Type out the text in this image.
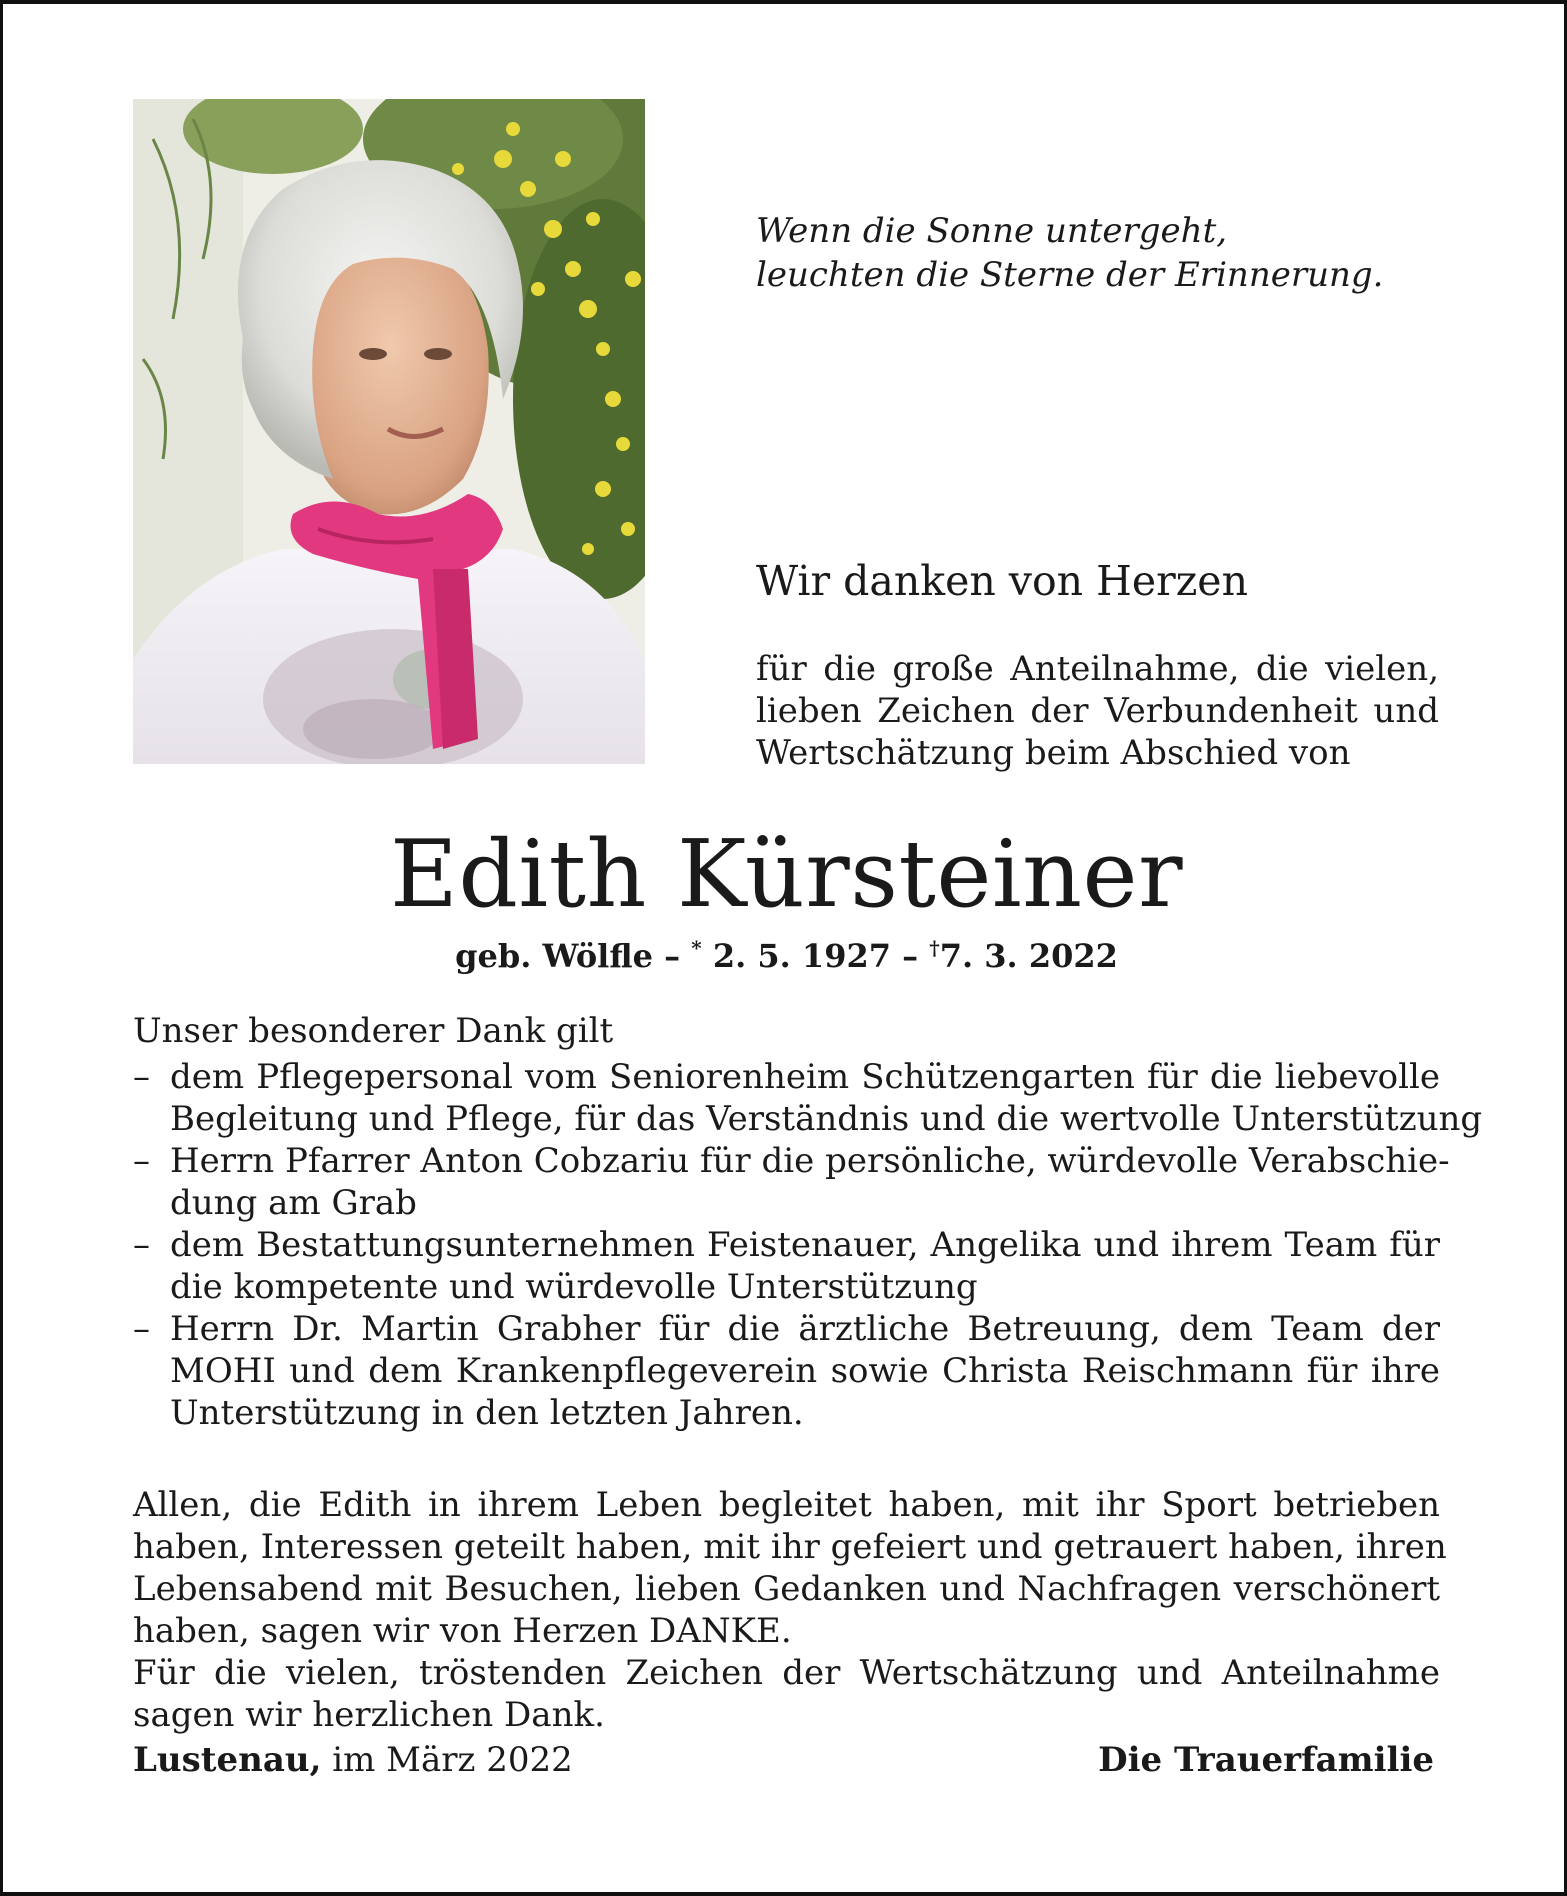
Wenn die Sonne untergeht,
leuchten die Sterne der Erinnerung.
Wir danken von Herzen
für die große Anteilnahme, die vielen,
lieben Zeichen der Verbundenheit und
Wertschätzung beim Abschied von
Edith Kürsteiner
geb. Wölfle – * 2. 5. 1927 – †7. 3. 2022
Unser besonderer Dank gilt
– dem Pflegepersonal vom Seniorenheim Schützengarten für die liebevolle
Begleitung und Pflege, für das Verständnis und die wertvolle Unterstützung
– Herrn Pfarrer Anton Cobzariu für die persönliche, würdevolle Verabschie-
dung am Grab
– dem Bestattungsunternehmen Feistenauer, Angelika und ihrem Team für
die kompetente und würdevolle Unterstützung
– Herrn Dr. Martin Grabher für die ärztliche Betreuung, dem Team der
MOHI und dem Krankenpflegeverein sowie Christa Reischmann für ihre
Unterstützung in den letzten Jahren.
Allen, die Edith in ihrem Leben begleitet haben, mit ihr Sport betrieben
haben, Interessen geteilt haben, mit ihr gefeiert und getrauert haben, ihren
Lebensabend mit Besuchen, lieben Gedanken und Nachfragen verschönert
haben, sagen wir von Herzen DANKE.
Für die vielen, tröstenden Zeichen der Wertschätzung und Anteilnahme
sagen wir herzlichen Dank.
Lustenau, im März 2022	Die Trauerfamilie
